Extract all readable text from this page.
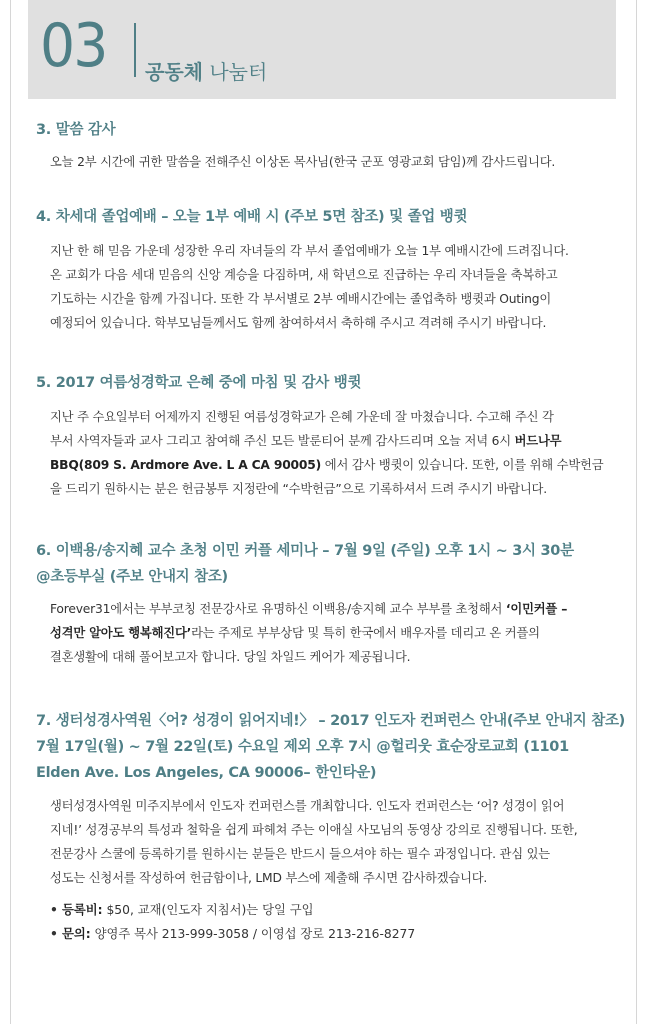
03 공동체 나눔터
3. 말씀 감사
오늘 2부 시간에 귀한 말씀을 전해주신 이상돈 목사님(한국 군포 영광교회 담임)께 감사드립니다.
4. 차세대 졸업예배 – 오늘 1부 예배 시 (주보 5면 참조) 및 졸업 뱅큇
지난 한 해 믿음 가운데 성장한 우리 자녀들의 각 부서 졸업예배가 오늘 1부 예배시간에 드려집니다.
온 교회가 다음 세대 믿음의 신앙 계승을 다짐하며, 새 학년으로 진급하는 우리 자녀들을 축복하고
기도하는 시간을 함께 가집니다. 또한 각 부서별로 2부 예배시간에는 졸업축하 뱅큇과 Outing이
예정되어 있습니다. 학부모님들께서도 함께 참여하셔서 축하해 주시고 격려해 주시기 바랍니다.
5. 2017 여름성경학교 은혜 중에 마침 및 감사 뱅큇
지난 주 수요일부터 어제까지 진행된 여름성경학교가 은혜 가운데 잘 마쳤습니다. 수고해 주신 각
부서 사역자들과 교사 그리고 참여해 주신 모든 발룬티어 분께 감사드리며 오늘 저녁 6시 버드나무
BBQ(809 S. Ardmore Ave. L A CA 90005) 에서 감사 뱅큇이 있습니다. 또한, 이를 위해 수박헌금
을 드리기 원하시는 분은 헌금봉투 지정란에 “수박헌금”으로 기록하셔서 드려 주시기 바랍니다.
6. 이백용/송지혜 교수 초청 이민 커플 세미나 – 7월 9일 (주일) 오후 1시 ~ 3시 30분
@초등부실 (주보 안내지 참조)
Forever31에서는 부부코칭 전문강사로 유명하신 이백용/송지혜 교수 부부를 초청해서 ‘이민커플 –
성격만 알아도 행복해진다’라는 주제로 부부상담 및 특히 한국에서 배우자를 데리고 온 커플의
결혼생활에 대해 풀어보고자 합니다. 당일 차일드 케어가 제공됩니다.
7. 생터성경사역원〈어? 성경이 읽어지네!〉 – 2017 인도자 컨퍼런스 안내(주보 안내지 참조)
7월 17일(월) ~ 7월 22일(토) 수요일 제외 오후 7시 @헐리웃 효순장로교회 (1101
Elden Ave. Los Angeles, CA 90006– 한인타운)
생터성경사역원 미주지부에서 인도자 컨퍼런스를 개최합니다. 인도자 컨퍼런스는 ‘어? 성경이 읽어
지네!’ 성경공부의 특성과 철학을 쉽게 파헤쳐 주는 이애실 사모님의 동영상 강의로 진행됩니다. 또한,
전문강사 스쿨에 등록하기를 원하시는 분들은 반드시 들으셔야 하는 필수 과정입니다. 관심 있는
성도는 신청서를 작성하여 헌금함이나, LMD 부스에 제출해 주시면 감사하겠습니다.
• 등록비: $50, 교재(인도자 지침서)는 당일 구입
• 문의: 양영주 목사 213-999-3058 / 이영섭 장로 213-216-8277
